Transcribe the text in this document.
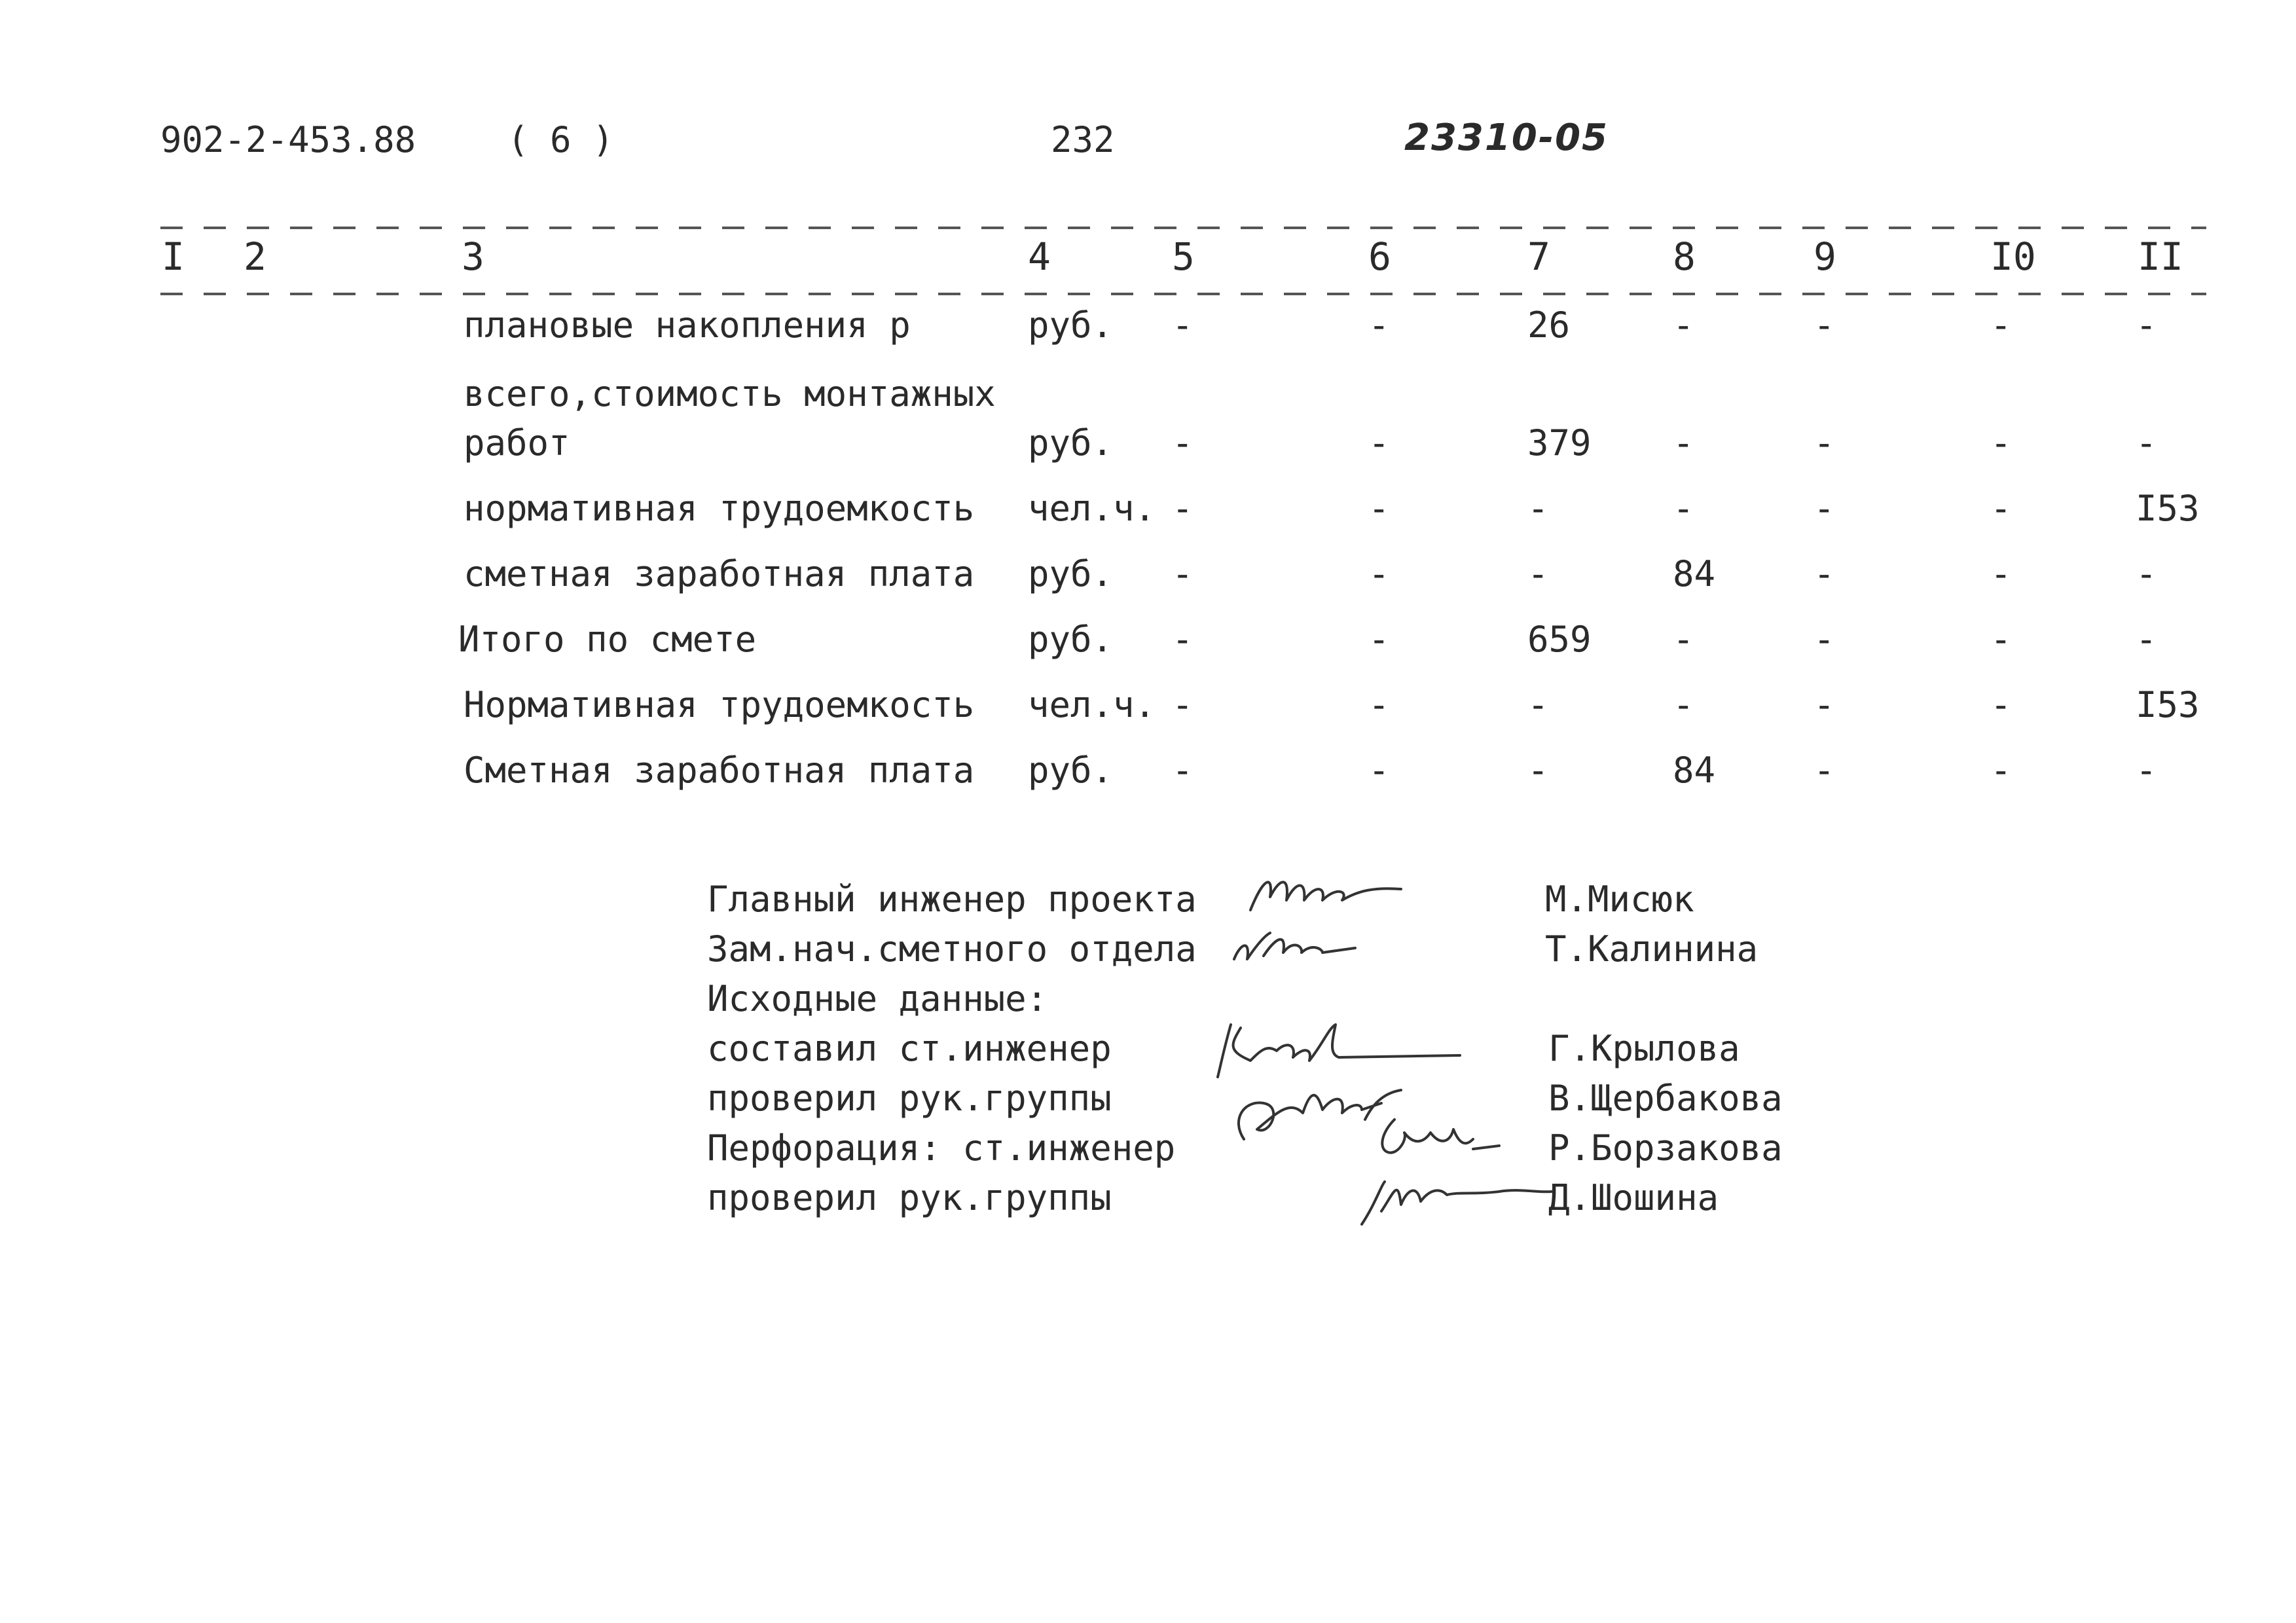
902-2-453.88	( 6 )	232	23310-05
I 2	3	4	5	6	7	8	9	I0	II
плановые накопления р	руб. -	-	26	-	-	-	-
всего,стоимость монтажных
работ	руб. -	-	379 -	-	-	-
нормативная трудоемкость чел.ч. -	-	-	-	-	-	I53
сметная заработная плата руб. -	-	-	84	-	-	-
Итого по смете	руб. -	-	659 -	-	-	-
Нормативная трудоемкость чел.ч. -	-	-	-	-	-	I53
Сметная заработная плата руб. -	-	-	84	-	-	-
Главный инженер проекта	М.Мисюк
Зам.нач.сметного отдела	Т.Калинина
Исходные данные:
составил ст.инженер	Г.Крылова
проверил рук.группы	В.Щербакова
Перфорация: ст.инженер	Р.Борзакова
проверил рук.группы	Д.Шошина
